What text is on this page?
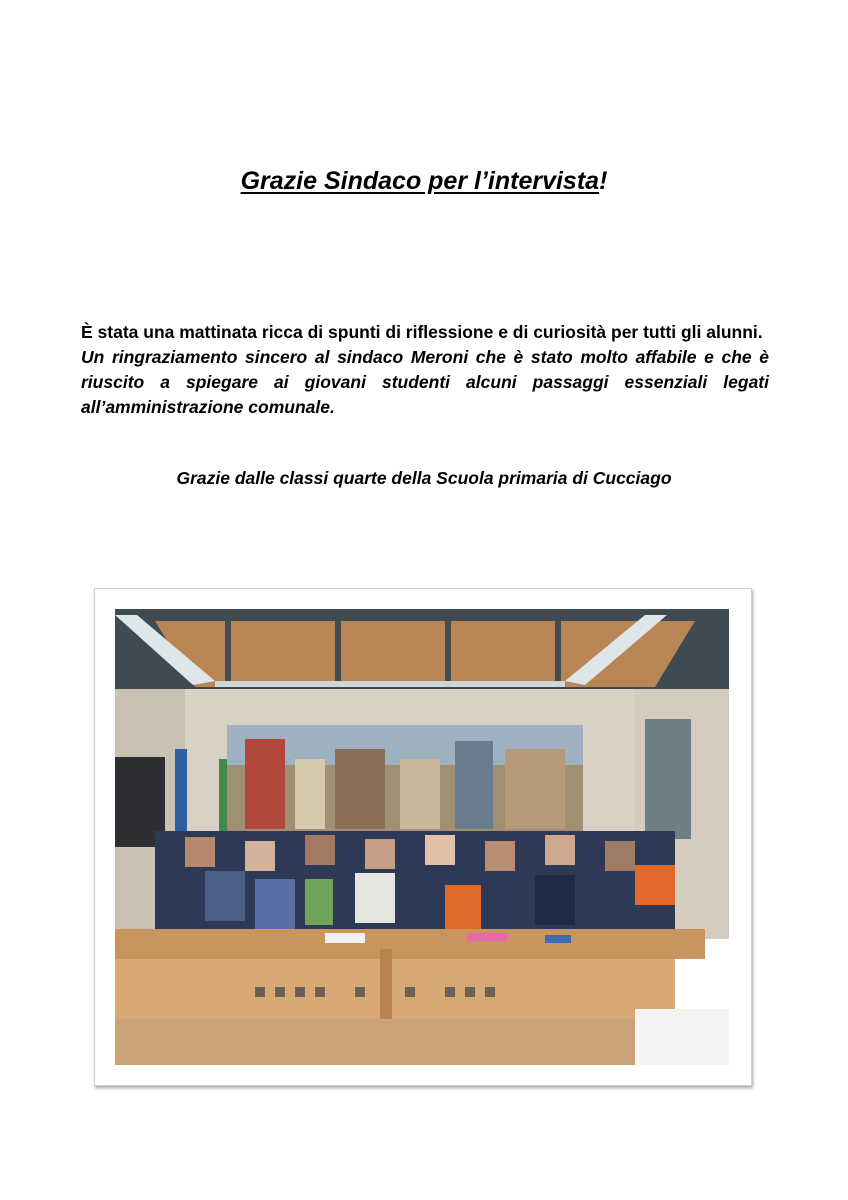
Grazie Sindaco per l’intervista!

È stata una mattinata ricca di spunti di riflessione e di curiosità per tutti gli alunni.
Un ringraziamento sincero al sindaco Meroni che è stato molto affabile e che è riuscito a spiegare ai giovani studenti alcuni passaggi essenziali legati all’amministrazione comunale.

Grazie dalle classi quarte della Scuola primaria di Cucciago
